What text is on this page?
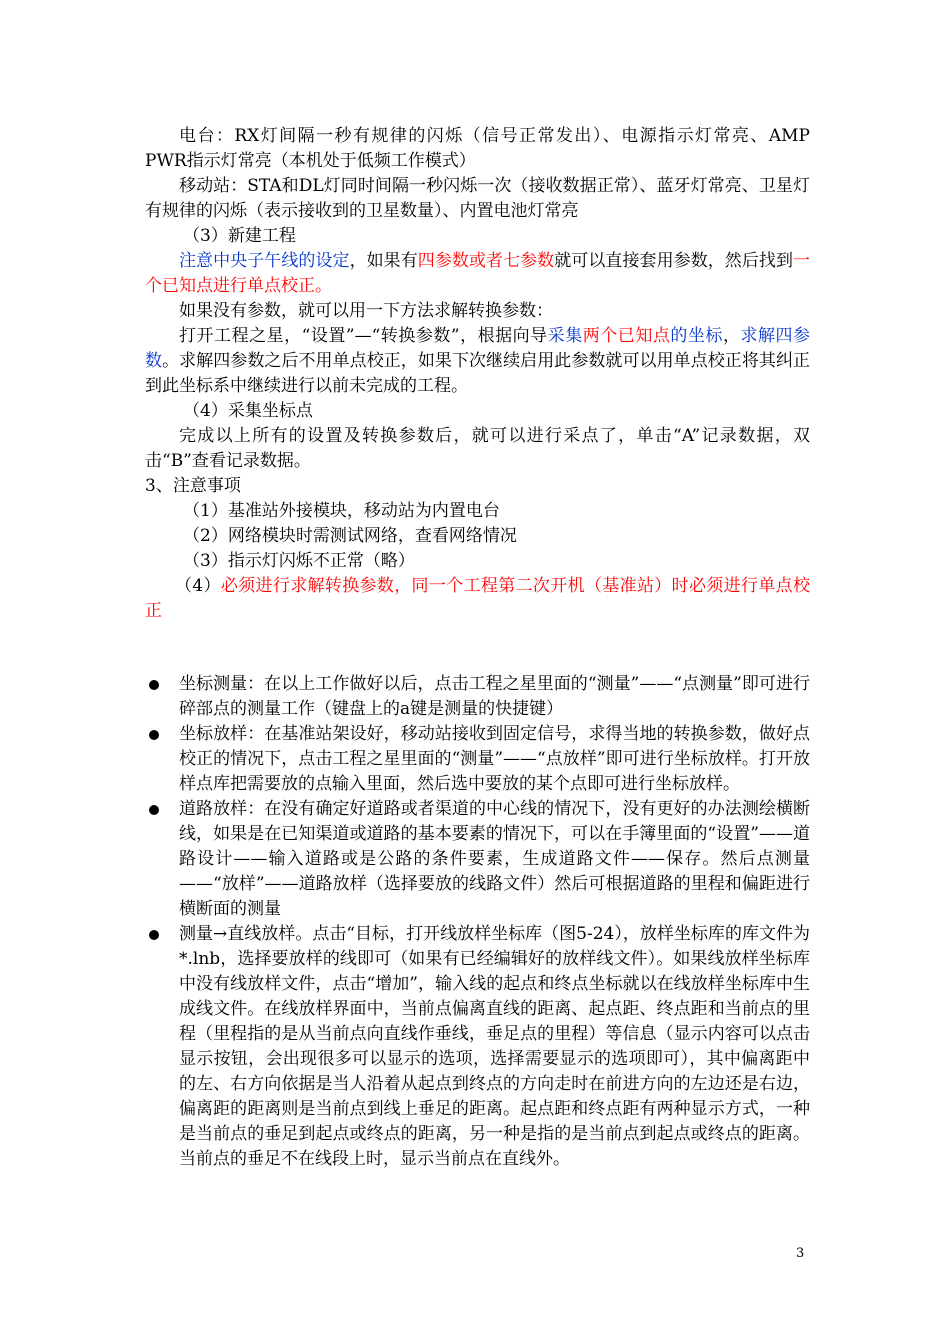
电台：RX灯间隔一秒有规律的闪烁（信号正常发出）、电源指示灯常亮、AMP PWR指示灯常亮（本机处于低频工作模式）

移动站：STA和DL灯同时间隔一秒闪烁一次（接收数据正常）、蓝牙灯常亮、卫星灯有规律的闪烁（表示接收到的卫星数量）、内置电池灯常亮

（3）新建工程

注意中央子午线的设定，如果有四参数或者七参数就可以直接套用参数，然后找到一个已知点进行单点校正。

如果没有参数，就可以用一下方法求解转换参数：

打开工程之星，“设置”—“转换参数”，根据向导采集两个已知点的坐标，求解四参数。求解四参数之后不用单点校正，如果下次继续启用此参数就可以用单点校正将其纠正到此坐标系中继续进行以前未完成的工程。

（4）采集坐标点

完成以上所有的设置及转换参数后，就可以进行采点了，单击“A”记录数据，双击“B”查看记录数据。

3、注意事项

（1）基准站外接模块，移动站为内置电台

（2）网络模块时需测试网络，查看网络情况

（3）指示灯闪烁不正常（略）

（4）必须进行求解转换参数，同一个工程第二次开机（基准站）时必须进行单点校正

坐标测量：在以上工作做好以后，点击工程之星里面的“测量”——“点测量”即可进行碎部点的测量工作（键盘上的a键是测量的快捷键）
坐标放样：在基准站架设好，移动站接收到固定信号，求得当地的转换参数，做好点校正的情况下，点击工程之星里面的“测量”——“点放样”即可进行坐标放样。打开放样点库把需要放的点输入里面，然后选中要放的某个点即可进行坐标放样。
道路放样：在没有确定好道路或者渠道的中心线的情况下，没有更好的办法测绘横断线，如果是在已知渠道或道路的基本要素的情况下，可以在手簿里面的“设置”——道路设计——输入道路或是公路的条件要素，生成道路文件——保存。然后点测量——“放样”——道路放样（选择要放的线路文件）然后可根据道路的里程和偏距进行横断面的测量
测量→直线放样。点击“目标，打开线放样坐标库（图5-24），放样坐标库的库文件为*.lnb，选择要放样的线即可（如果有已经编辑好的放样线文件）。如果线放样坐标库中没有线放样文件，点击“增加”，输入线的起点和终点坐标就以在线放样坐标库中生成线文件。在线放样界面中，当前点偏离直线的距离、起点距、终点距和当前点的里程（里程指的是从当前点向直线作垂线，垂足点的里程）等信息（显示内容可以点击显示按钮，会出现很多可以显示的选项，选择需要显示的选项即可），其中偏离距中的左、右方向依据是当人沿着从起点到终点的方向走时在前进方向的左边还是右边，偏离距的距离则是当前点到线上垂足的距离。起点距和终点距有两种显示方式，一种是当前点的垂足到起点或终点的距离，另一种是指的是当前点到起点或终点的距离。当前点的垂足不在线段上时，显示当前点在直线外。
3
